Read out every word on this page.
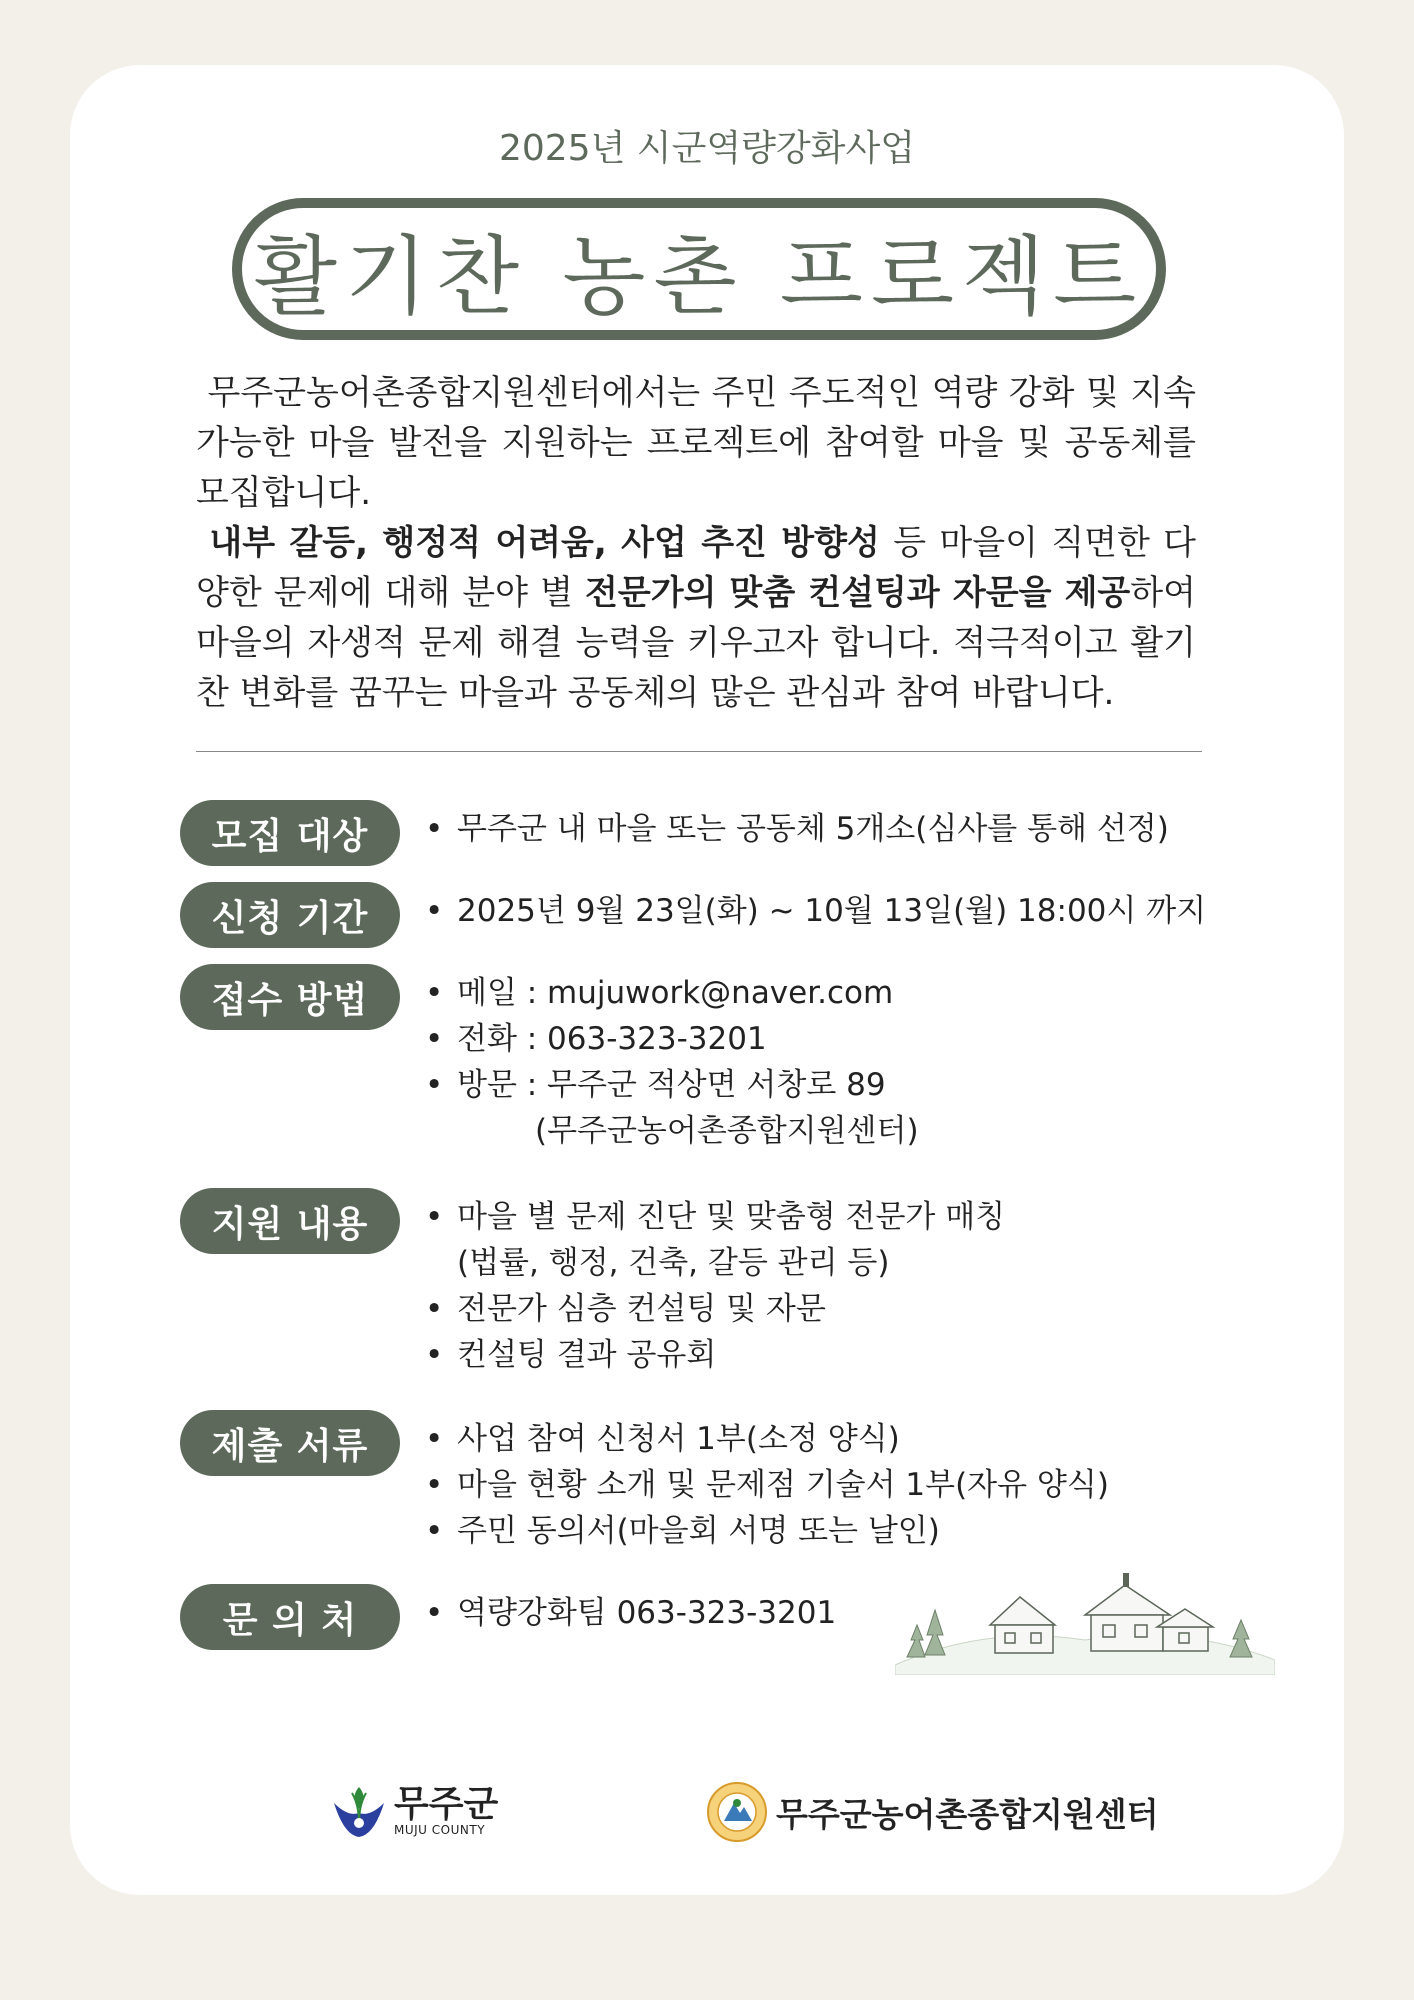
2025년 시군역량강화사업
활기찬 농촌 프로젝트

무주군농어촌종합지원센터에서는 주민 주도적인 역량 강화 및 지속 가능한 마을 발전을 지원하는 프로젝트에 참여할 마을 및 공동체를 모집합니다.

내부 갈등, 행정적 어려움, 사업 추진 방향성 등 마을이 직면한 다양한 문제에 대해 분야 별 전문가의 맞춤 컨설팅과 자문을 제공하여 마을의 자생적 문제 해결 능력을 키우고자 합니다. 적극적이고 활기찬 변화를 꿈꾸는 마을과 공동체의 많은 관심과 참여 바랍니다.

모집 대상	• 무주군 내 마을 또는 공동체 5개소(심사를 통해 선정)
신청 기간	• 2025년 9월 23일(화) ~ 10월 13일(월) 18:00시 까지
접수 방법	• 메일 : mujuwork@naver.com
• 전화 : 063-323-3201
• 방문 : 무주군 적상면 서창로 89
(무주군농어촌종합지원센터)
지원 내용	• 마을 별 문제 진단 및 맞춤형 전문가 매칭
(법률, 행정, 건축, 갈등 관리 등)
• 전문가 심층 컨설팅 및 자문
• 컨설팅 결과 공유회
제출 서류	• 사업 참여 신청서 1부(소정 양식)
• 마을 현황 소개 및 문제점 기술서 1부(자유 양식)
• 주민 동의서(마을회 서명 또는 날인)
문 의 처	• 역량강화팀 063-323-3201
무주군
MUJU COUNTY	무주군농어촌종합지원센터
